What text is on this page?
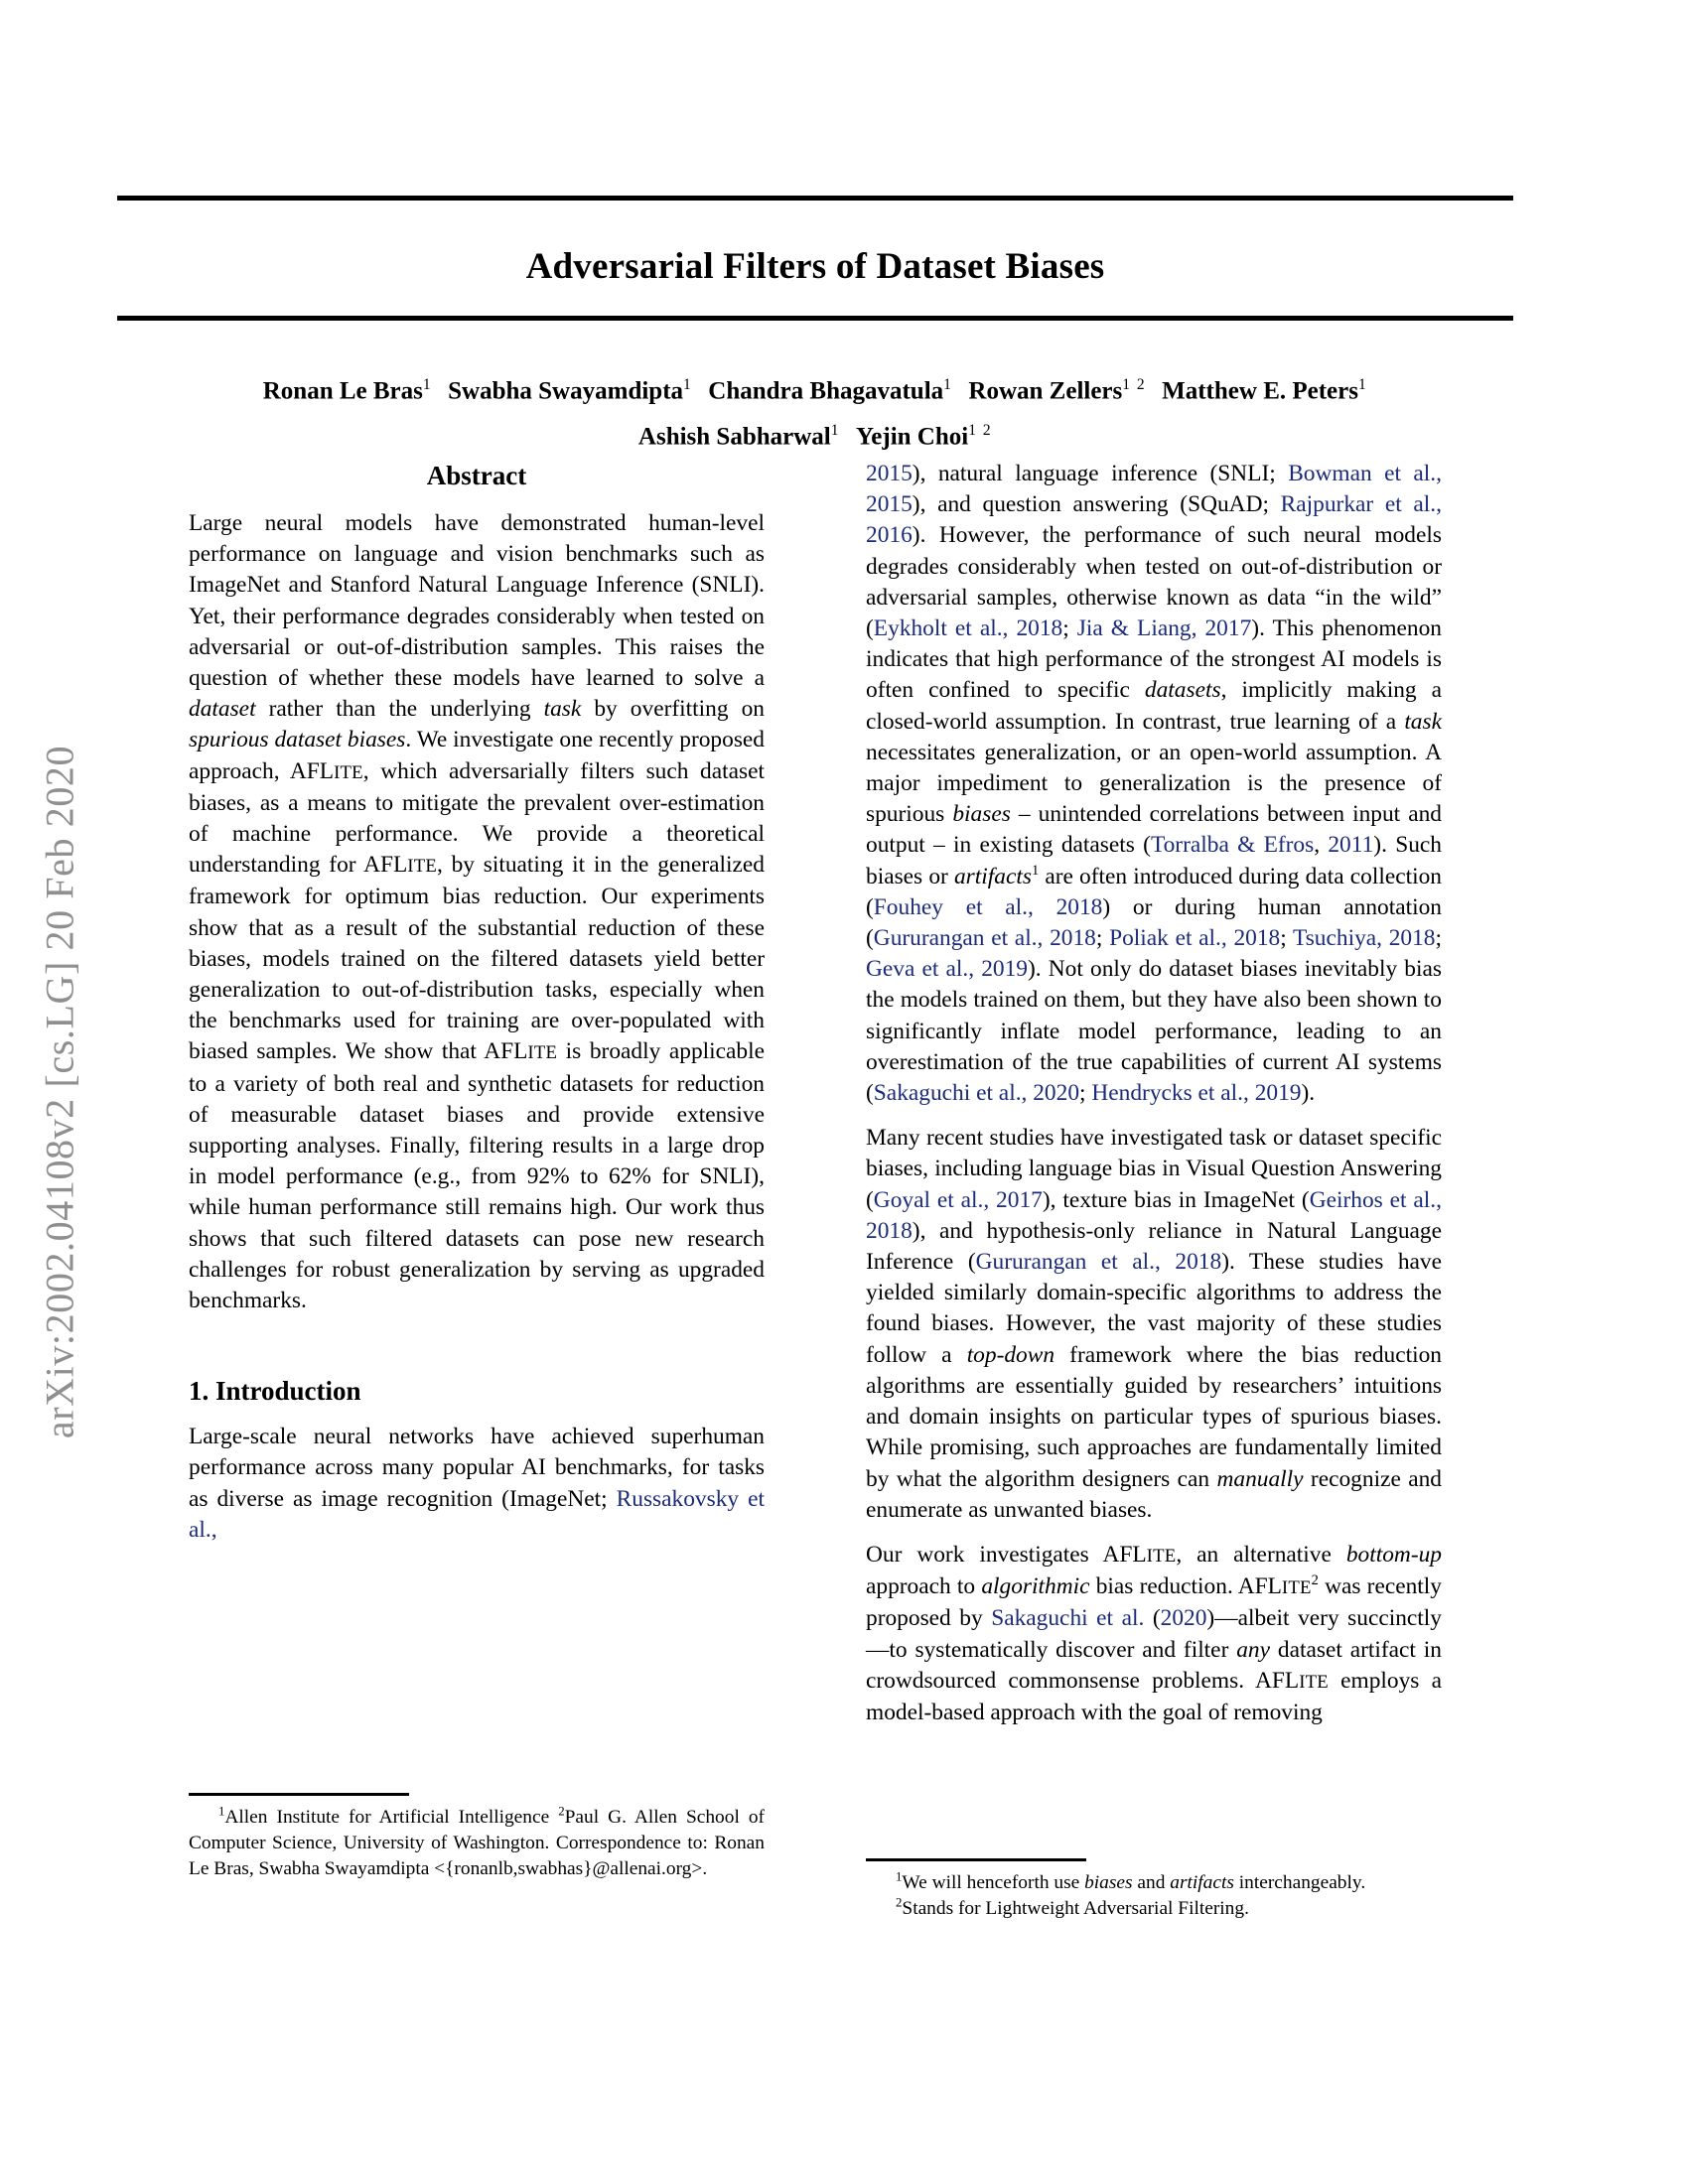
arXiv:2002.04108v2 [cs.LG] 20 Feb 2020
Adversarial Filters of Dataset Biases
Ronan Le Bras$^1$ Swabha Swayamdipta$^1$ Chandra Bhagavatula$^1$ Rowan Zellers$^{1 2}$ Matthew E. Peters$^1$
Ashish Sabharwal$^1$ Yejin Choi$^{1 2}$
Abstract

Large neural models have demonstrated human-level performance on language and vision benchmarks such as ImageNet and Stanford Natural Language Inference (SNLI). Yet, their performance degrades considerably when tested on adversarial or out-of-distribution samples. This raises the question of whether these models have learned to solve a dataset rather than the underlying task by overfitting on spurious dataset biases. We investigate one recently proposed approach, AFLITE, which adversarially filters such dataset biases, as a means to mitigate the prevalent over-estimation of machine performance. We provide a theoretical understanding for AFLITE, by situating it in the generalized framework for optimum bias reduction. Our experiments show that as a result of the substantial reduction of these biases, models trained on the filtered datasets yield better generalization to out-of-distribution tasks, especially when the benchmarks used for training are over-populated with biased samples. We show that AFLITE is broadly applicable to a variety of both real and synthetic datasets for reduction of measurable dataset biases and provide extensive supporting analyses. Finally, filtering results in a large drop in model performance (e.g., from 92% to 62% for SNLI), while human performance still remains high. Our work thus shows that such filtered datasets can pose new research challenges for robust generalization by serving as upgraded benchmarks.

1. Introduction

Large-scale neural networks have achieved superhuman performance across many popular AI benchmarks, for tasks as diverse as image recognition (ImageNet; Russakovsky et al.,

2015), natural language inference (SNLI; Bowman et al., 2015), and question answering (SQuAD; Rajpurkar et al., 2016). However, the performance of such neural models degrades considerably when tested on out-of-distribution or adversarial samples, otherwise known as data “in the wild” (Eykholt et al., 2018; Jia & Liang, 2017). This phenomenon indicates that high performance of the strongest AI models is often confined to specific datasets, implicitly making a closed-world assumption. In contrast, true learning of a task necessitates generalization, or an open-world assumption. A major impediment to generalization is the presence of spurious biases – unintended correlations between input and output – in existing datasets (Torralba & Efros, 2011). Such biases or artifacts$^1$ are often introduced during data collection (Fouhey et al., 2018) or during human annotation (Gururangan et al., 2018; Poliak et al., 2018; Tsuchiya, 2018; Geva et al., 2019). Not only do dataset biases inevitably bias the models trained on them, but they have also been shown to significantly inflate model performance, leading to an overestimation of the true capabilities of current AI systems (Sakaguchi et al., 2020; Hendrycks et al., 2019).

Many recent studies have investigated task or dataset specific biases, including language bias in Visual Question Answering (Goyal et al., 2017), texture bias in ImageNet (Geirhos et al., 2018), and hypothesis-only reliance in Natural Language Inference (Gururangan et al., 2018). These studies have yielded similarly domain-specific algorithms to address the found biases. However, the vast majority of these studies follow a top-down framework where the bias reduction algorithms are essentially guided by researchers’ intuitions and domain insights on particular types of spurious biases. While promising, such approaches are fundamentally limited by what the algorithm designers can manually recognize and enumerate as unwanted biases.

Our work investigates AFLITE, an alternative bottom-up approach to algorithmic bias reduction. AFLITE$^2$ was recently proposed by Sakaguchi et al. (2020)—albeit very succinctly—to systematically discover and filter any dataset artifact in crowdsourced commonsense problems. AFLITE employs a model-based approach with the goal of removing

$^1$Allen Institute for Artificial Intelligence $^2$Paul G. Allen School of Computer Science, University of Washington. Correspondence to: Ronan Le Bras, Swabha Swayamdipta <{ronanlb,swabhas}@allenai.org>.	$^1$We will henceforth use biases and artifacts interchangeably.

$^2$Stands for Lightweight Adversarial Filtering.
